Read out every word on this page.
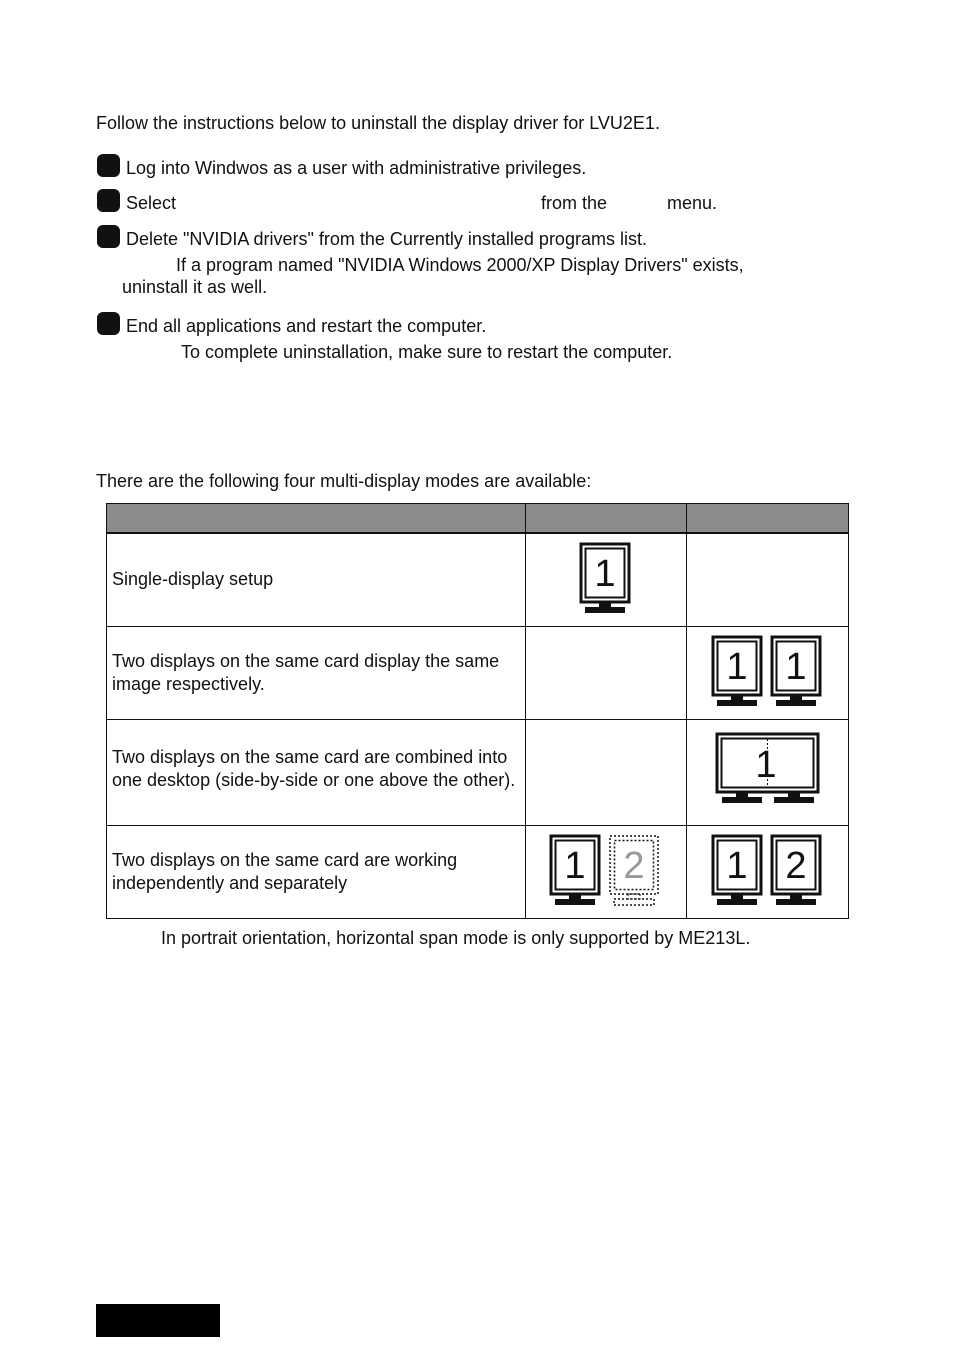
Follow the instructions below to uninstall the display driver for LVU2E1.
Log into Windwos as a user with administrative privileges.
Select	from the	menu.
Delete "NVIDIA drivers" from the Currently installed programs list.
If a program named "NVIDIA Windows 2000/XP Display Drivers" exists,
uninstall it as well.
End all applications and restart the computer.
To complete uninstallation, make sure to restart the computer.
There are the following four multi-display modes are available:

Single-display setup	1	

Two displays on the same card display the same image respectively.		1 1

Two displays on the same card are combined into one desktop (side-by-side or one above the other).		1

Two displays on the same card are working independently and separately	1 2	1 2
In portrait orientation, horizontal span mode is only supported by ME213L.
